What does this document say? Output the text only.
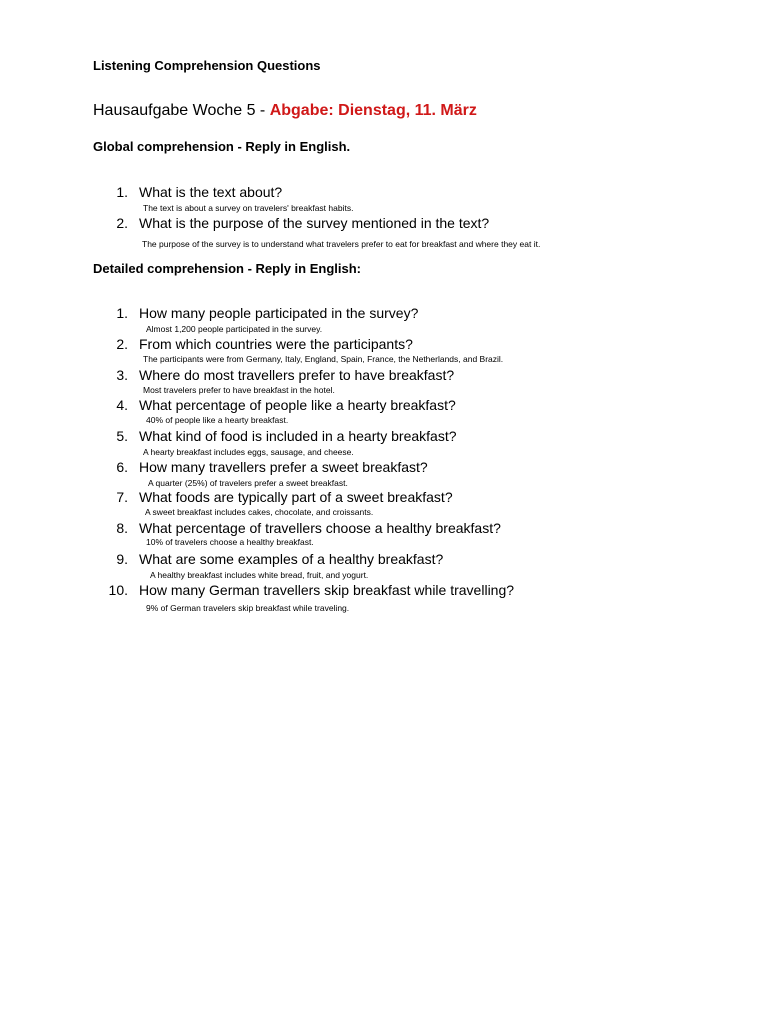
Listening Comprehension Questions
Hausaufgabe Woche 5 - Abgabe: Dienstag, 11. März
Global comprehension - Reply in English.
1. What is the text about?
The text is about a survey on travelers' breakfast habits.
2. What is the purpose of the survey mentioned in the text?
The purpose of the survey is to understand what travelers prefer to eat for breakfast and where they eat it.
Detailed comprehension - Reply in English:
1. How many people participated in the survey?
Almost 1,200 people participated in the survey.
2. From which countries were the participants?
The participants were from Germany, Italy, England, Spain, France, the Netherlands, and Brazil.
3. Where do most travellers prefer to have breakfast?
Most travelers prefer to have breakfast in the hotel.
4. What percentage of people like a hearty breakfast?
40% of people like a hearty breakfast.
5. What kind of food is included in a hearty breakfast?
A hearty breakfast includes eggs, sausage, and cheese.
6. How many travellers prefer a sweet breakfast?
A quarter (25%) of travelers prefer a sweet breakfast.
7. What foods are typically part of a sweet breakfast?
A sweet breakfast includes cakes, chocolate, and croissants.
8. What percentage of travellers choose a healthy breakfast?
10% of travelers choose a healthy breakfast.
9. What are some examples of a healthy breakfast?
A healthy breakfast includes white bread, fruit, and yogurt.
10. How many German travellers skip breakfast while travelling?
9% of German travelers skip breakfast while traveling.
